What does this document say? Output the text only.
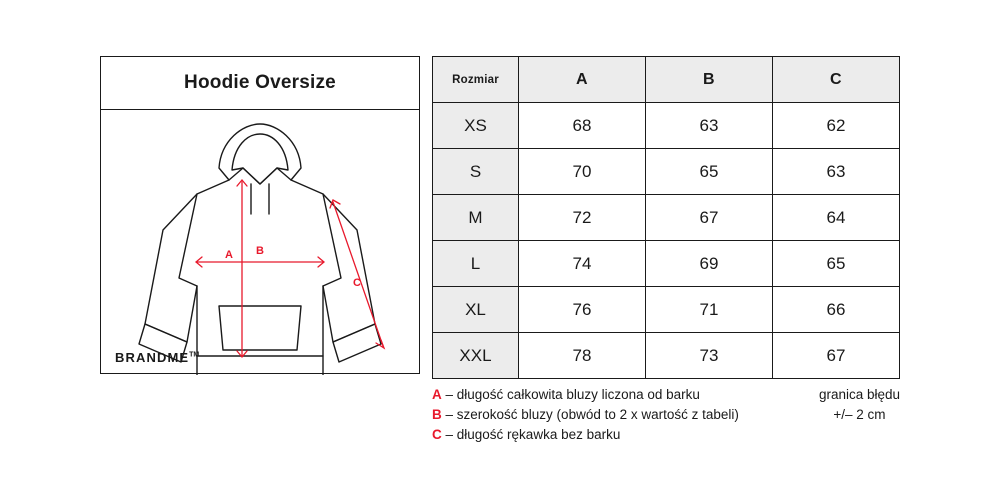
Hoodie Oversize
A B
C
BRANDME™
Rozmiar	A	B	C
XS	68	63	62
S	70	65	63
M	72	67	64
L	74	69	65
XL	76	71	66
XXL	78	73	67
A – długość całkowita bluzy liczona od barku
B – szerokość bluzy (obwód to 2 x wartość z tabeli)
C – długość rękawka bez barku
granica błędu
+/– 2 cm
